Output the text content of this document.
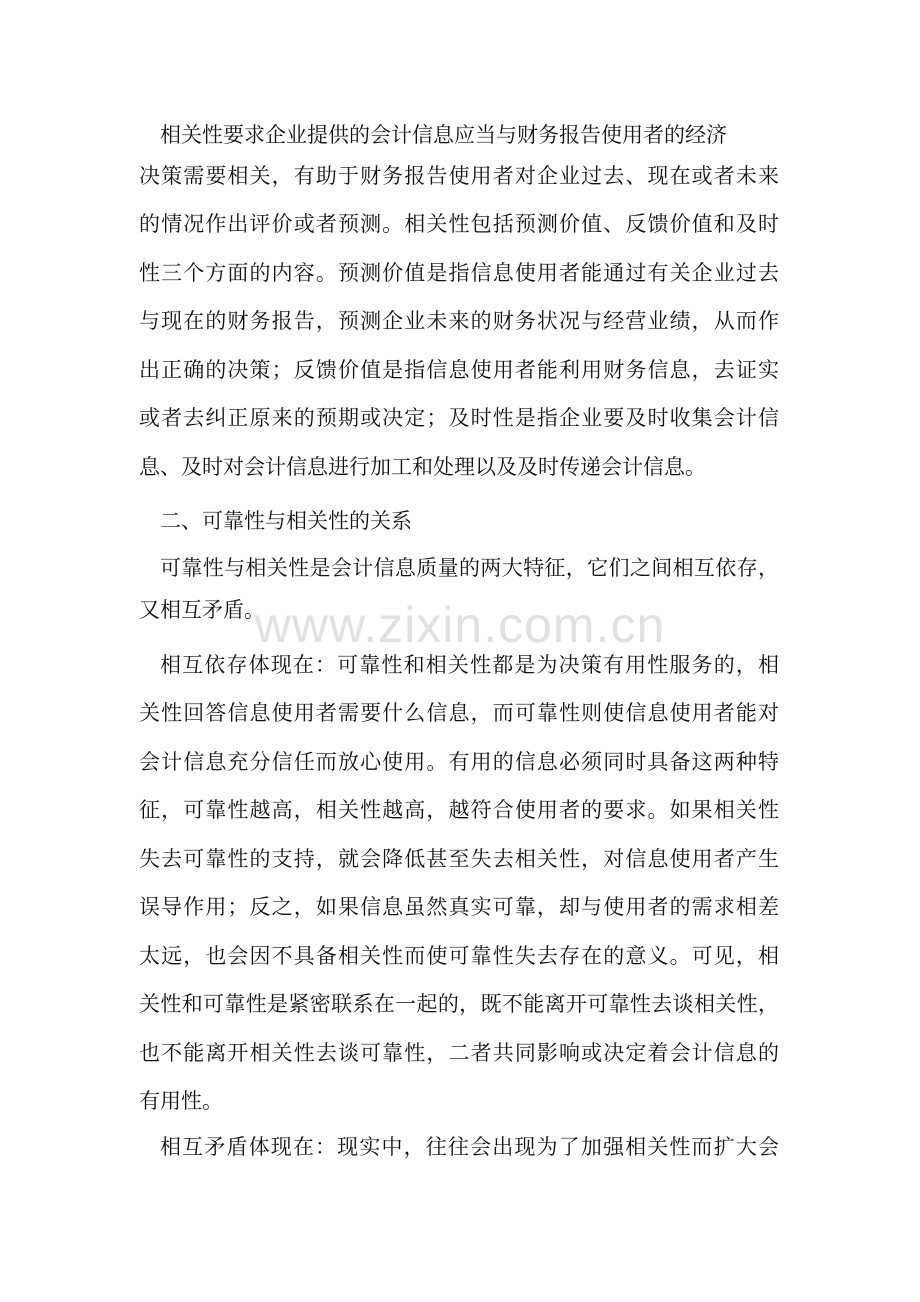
相关性要求企业提供的会计信息应当与财务报告使用者的经济
决策需要相关，有助于财务报告使用者对企业过去、现在或者未来
的情况作出评价或者预测。相关性包括预测价值、反馈价值和及时
性三个方面的内容。预测价值是指信息使用者能通过有关企业过去
与现在的财务报告，预测企业未来的财务状况与经营业绩，从而作
出正确的决策；反馈价值是指信息使用者能利用财务信息，去证实
或者去纠正原来的预期或决定；及时性是指企业要及时收集会计信
息、及时对会计信息进行加工和处理以及及时传递会计信息。
二、可靠性与相关性的关系
可靠性与相关性是会计信息质量的两大特征，它们之间相互依存，
又相互矛盾。
相互依存体现在：可靠性和相关性都是为决策有用性服务的，相
关性回答信息使用者需要什么信息，而可靠性则使信息使用者能对
会计信息充分信任而放心使用。有用的信息必须同时具备这两种特
征，可靠性越高，相关性越高，越符合使用者的要求。如果相关性
失去可靠性的支持，就会降低甚至失去相关性，对信息使用者产生
误导作用；反之，如果信息虽然真实可靠，却与使用者的需求相差
太远，也会因不具备相关性而使可靠性失去存在的意义。可见，相
关性和可靠性是紧密联系在一起的，既不能离开可靠性去谈相关性，
也不能离开相关性去谈可靠性，二者共同影响或决定着会计信息的
有用性。
相互矛盾体现在：现实中，往往会出现为了加强相关性而扩大会
www.zixin.com.cn
